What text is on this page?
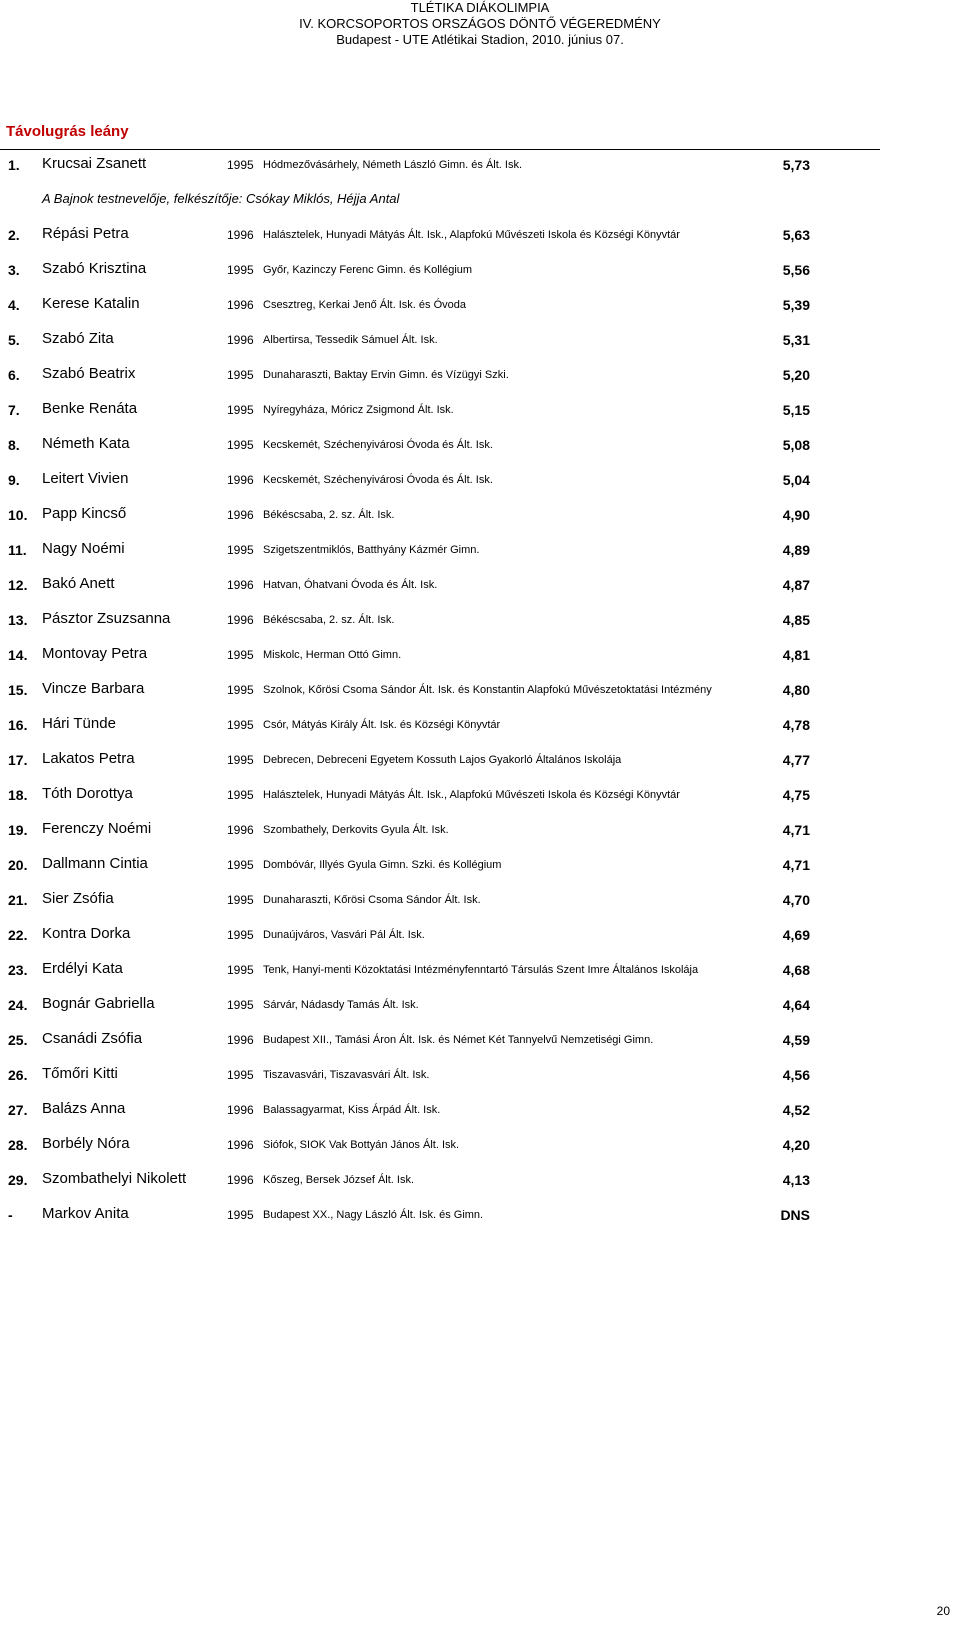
TLÉTIKA DIÁKOLIMPIA
IV. KORCSOPORTOS ORSZÁGOS DÖNTŐ VÉGEREDMÉNY
Budapest - UTE Atlétikai Stadion, 2010. június 07.
Távolugrás leány
A Bajnok testnevelője, felkészítője: Csókay Miklós, Héjja Antal
1. Krucsai Zsanett	1995 Hódmezővásárhely, Németh László Gimn. és Ált. Isk.	5,73
2. Répási Petra	1996 Halásztelek, Hunyadi Mátyás Ált. Isk., Alapfokú Művészeti Iskola és Községi Könyvtár	5,63
3. Szabó Krisztina	1995 Győr, Kazinczy Ferenc Gimn. és Kollégium	5,56
4. Kerese Katalin	1996 Csesztreg, Kerkai Jenő Ált. Isk. és Óvoda	5,39
5. Szabó Zita	1996 Albertirsa, Tessedik Sámuel Ált. Isk.	5,31
6. Szabó Beatrix	1995 Dunaharaszti, Baktay Ervin Gimn. és Vízügyi Szki.	5,20
7. Benke Renáta	1995 Nyíregyháza, Móricz Zsigmond Ált. Isk.	5,15
8. Németh Kata	1995 Kecskemét, Széchenyivárosi Óvoda és Ált. Isk.	5,08
9. Leitert Vivien	1996 Kecskemét, Széchenyivárosi Óvoda és Ált. Isk.	5,04
10. Papp Kincső	1996 Békéscsaba, 2. sz. Ált. Isk.	4,90
11. Nagy Noémi	1995 Szigetszentmiklós, Batthyány Kázmér Gimn.	4,89
12. Bakó Anett	1996 Hatvan, Óhatvani Óvoda és Ált. Isk.	4,87
13. Pásztor Zsuzsanna	1996 Békéscsaba, 2. sz. Ált. Isk.	4,85
14. Montovay Petra	1995 Miskolc, Herman Ottó Gimn.	4,81
15. Vincze Barbara	1995 Szolnok, Kőrösi Csoma Sándor Ált. Isk. és Konstantin Alapfokú Művészetoktatási Intézmény	4,80
16. Hári Tünde	1995 Csór, Mátyás Király Ált. Isk. és Községi Könyvtár	4,78
17. Lakatos Petra	1995 Debrecen, Debreceni Egyetem Kossuth Lajos Gyakorló Általános Iskolája	4,77
18. Tóth Dorottya	1995 Halásztelek, Hunyadi Mátyás Ált. Isk., Alapfokú Művészeti Iskola és Községi Könyvtár	4,75
19. Ferenczy Noémi	1996 Szombathely, Derkovits Gyula Ált. Isk.	4,71
20. Dallmann Cintia	1995 Dombóvár, Illyés Gyula Gimn. Szki. és Kollégium	4,71
21. Sier Zsófia	1995 Dunaharaszti, Kőrösi Csoma Sándor Ált. Isk.	4,70
22. Kontra Dorka	1995 Dunaújváros, Vasvári Pál Ált. Isk.	4,69
23. Erdélyi Kata	1995 Tenk, Hanyi-menti Közoktatási Intézményfenntartó Társulás Szent Imre Általános Iskolája	4,68
24. Bognár Gabriella	1995 Sárvár, Nádasdy Tamás Ált. Isk.	4,64
25. Csanádi Zsófia	1996 Budapest XII., Tamási Áron Ált. Isk. és Német Két Tannyelvű Nemzetiségi Gimn.	4,59
26. Tőmőri Kitti	1995 Tiszavasvári, Tiszavasvári Ált. Isk.	4,56
27. Balázs Anna	1996 Balassagyarmat, Kiss Árpád Ált. Isk.	4,52
28. Borbély Nóra	1996 Siófok, SIOK Vak Bottyán János Ált. Isk.	4,20
29. Szombathelyi Nikolett	1996 Kőszeg, Bersek József Ált. Isk.	4,13
- Markov Anita	1995 Budapest XX., Nagy László Ált. Isk. és Gimn.	DNS
20
